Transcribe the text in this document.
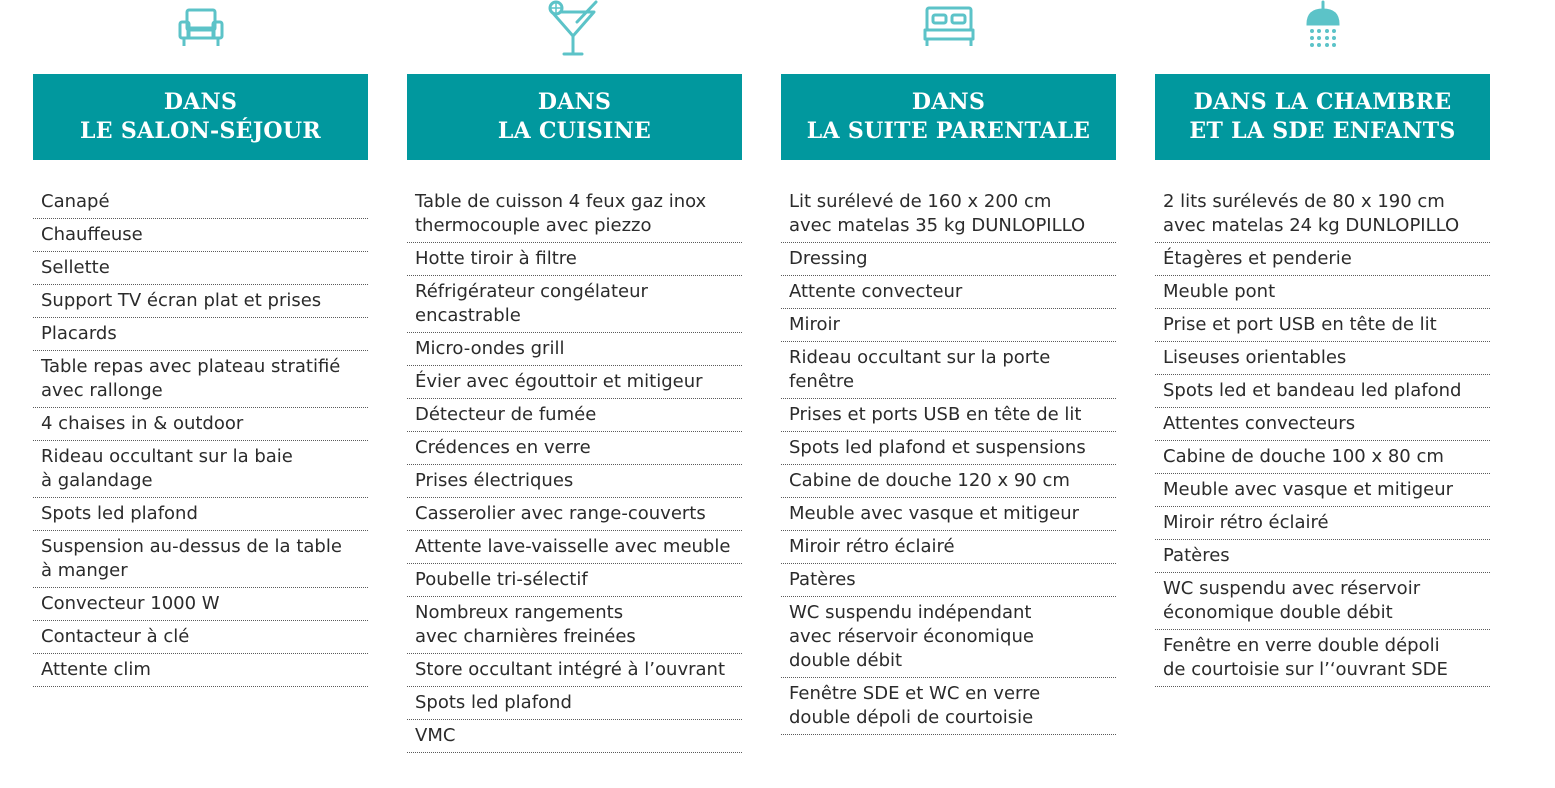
DANS
LE SALON-SÉJOUR
Canapé
Chauffeuse
Sellette
Support TV écran plat et prises
Placards
Table repas avec plateau stratifié
avec rallonge
4 chaises in & outdoor
Rideau occultant sur la baie
à galandage
Spots led plafond
Suspension au-dessus de la table
à manger
Convecteur 1000 W
Contacteur à clé
Attente clim
DANS
LA CUISINE
Table de cuisson 4 feux gaz inox
thermocouple avec piezzo
Hotte tiroir à filtre
Réfrigérateur congélateur
encastrable
Micro-ondes grill
Évier avec égouttoir et mitigeur
Détecteur de fumée
Crédences en verre
Prises électriques
Casserolier avec range-couverts
Attente lave-vaisselle avec meuble
Poubelle tri-sélectif
Nombreux rangements
avec charnières freinées
Store occultant intégré à l’ouvrant
Spots led plafond
VMC
DANS
LA SUITE PARENTALE
Lit surélevé de 160 x 200 cm
avec matelas 35 kg DUNLOPILLO
Dressing
Attente convecteur
Miroir
Rideau occultant sur la porte
fenêtre
Prises et ports USB en tête de lit
Spots led plafond et suspensions
Cabine de douche 120 x 90 cm
Meuble avec vasque et mitigeur
Miroir rétro éclairé
Patères
WC suspendu indépendant
avec réservoir économique
double débit
Fenêtre SDE et WC en verre
double dépoli de courtoisie
DANS LA CHAMBRE
ET LA SDE ENFANTS
2 lits surélevés de 80 x 190 cm
avec matelas 24 kg DUNLOPILLO
Étagères et penderie
Meuble pont
Prise et port USB en tête de lit
Liseuses orientables
Spots led et bandeau led plafond
Attentes convecteurs
Cabine de douche 100 x 80 cm
Meuble avec vasque et mitigeur
Miroir rétro éclairé
Patères
WC suspendu avec réservoir
économique double débit
Fenêtre en verre double dépoli
de courtoisie sur l’‘ouvrant SDE
